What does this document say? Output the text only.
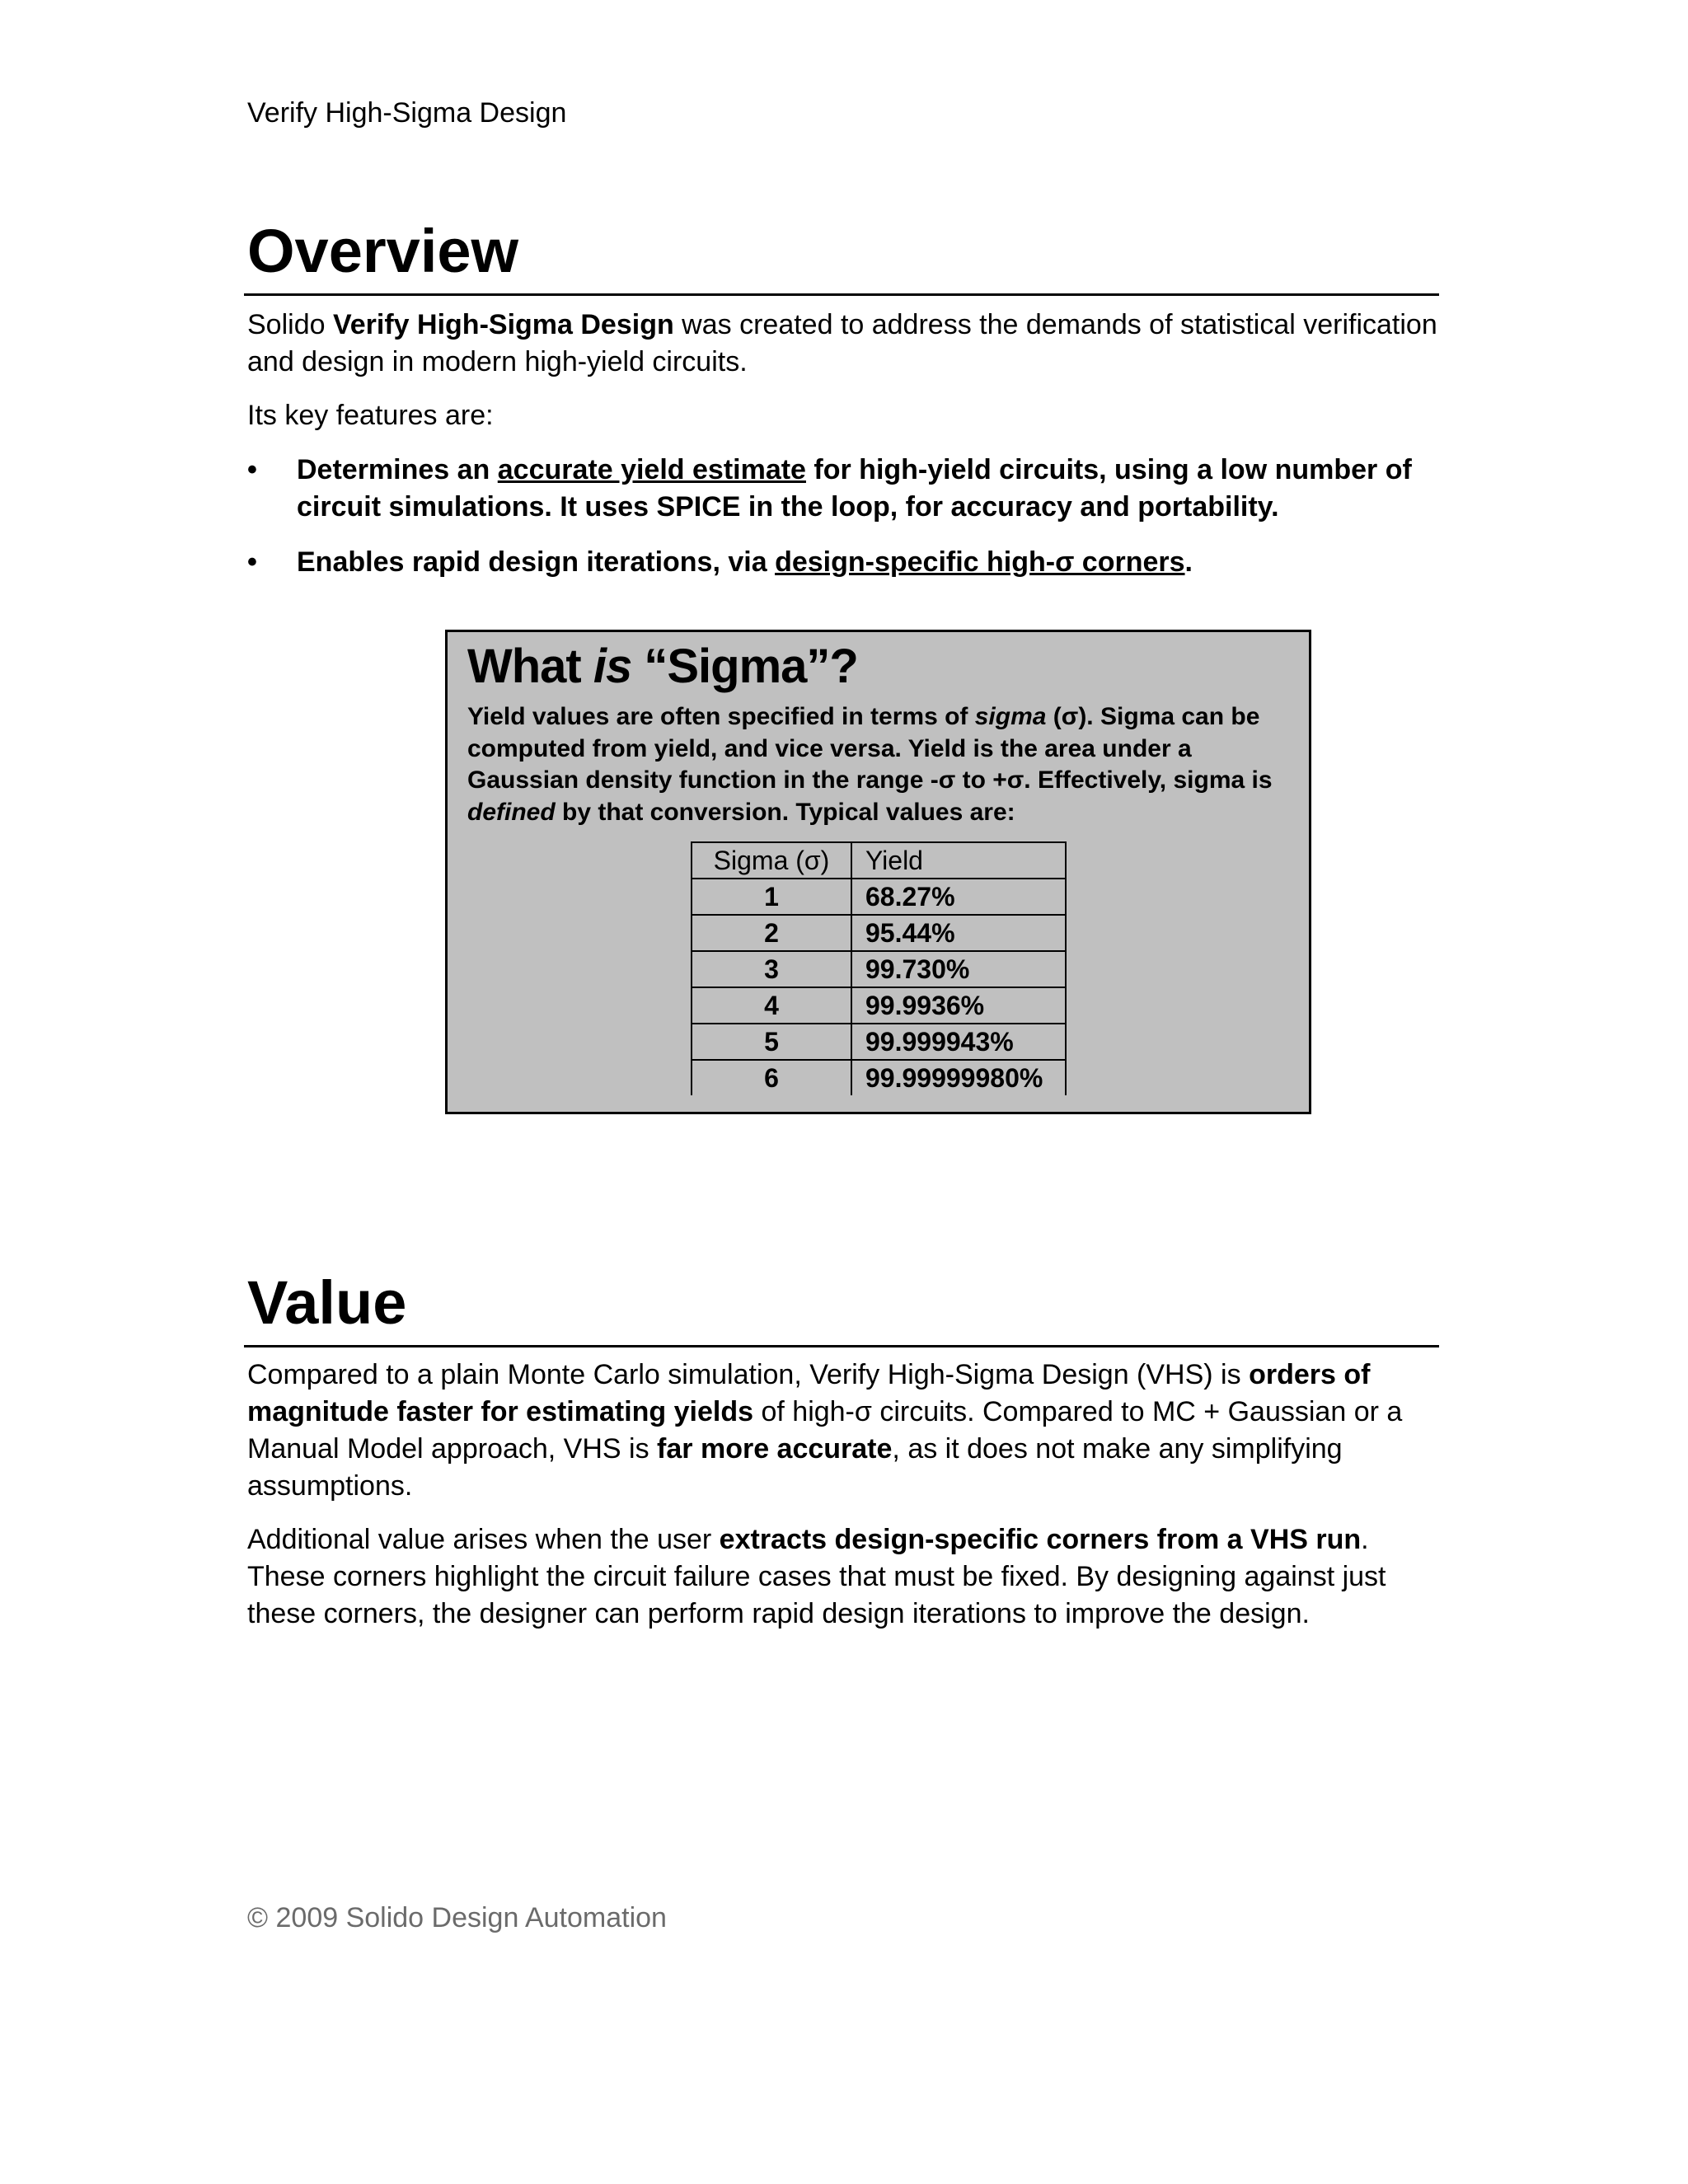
Verify High-Sigma Design
Overview
Solido Verify High-Sigma Design was created to address the demands of statistical verification and design in modern high-yield circuits.
Its key features are:
• Determines an accurate yield estimate for high-yield circuits, using a low number of circuit simulations. It uses SPICE in the loop, for accuracy and portability.
• Enables rapid design iterations, via design-specific high-σ corners.
What is “Sigma”?
Yield values are often specified in terms of sigma (σ). Sigma can be computed from yield, and vice versa. Yield is the area under a Gaussian density function in the range -σ to +σ. Effectively, sigma is defined by that conversion. Typical values are:
Sigma (σ)	Yield
1	68.27%
2	95.44%
3	99.730%
4	99.9936%
5	99.999943%
6	99.99999980%
Value
Compared to a plain Monte Carlo simulation, Verify High-Sigma Design (VHS) is orders of magnitude faster for estimating yields of high-σ circuits. Compared to MC + Gaussian or a Manual Model approach, VHS is far more accurate, as it does not make any simplifying assumptions.
Additional value arises when the user extracts design-specific corners from a VHS run. These corners highlight the circuit failure cases that must be fixed. By designing against just these corners, the designer can perform rapid design iterations to improve the design.
© 2009 Solido Design Automation
